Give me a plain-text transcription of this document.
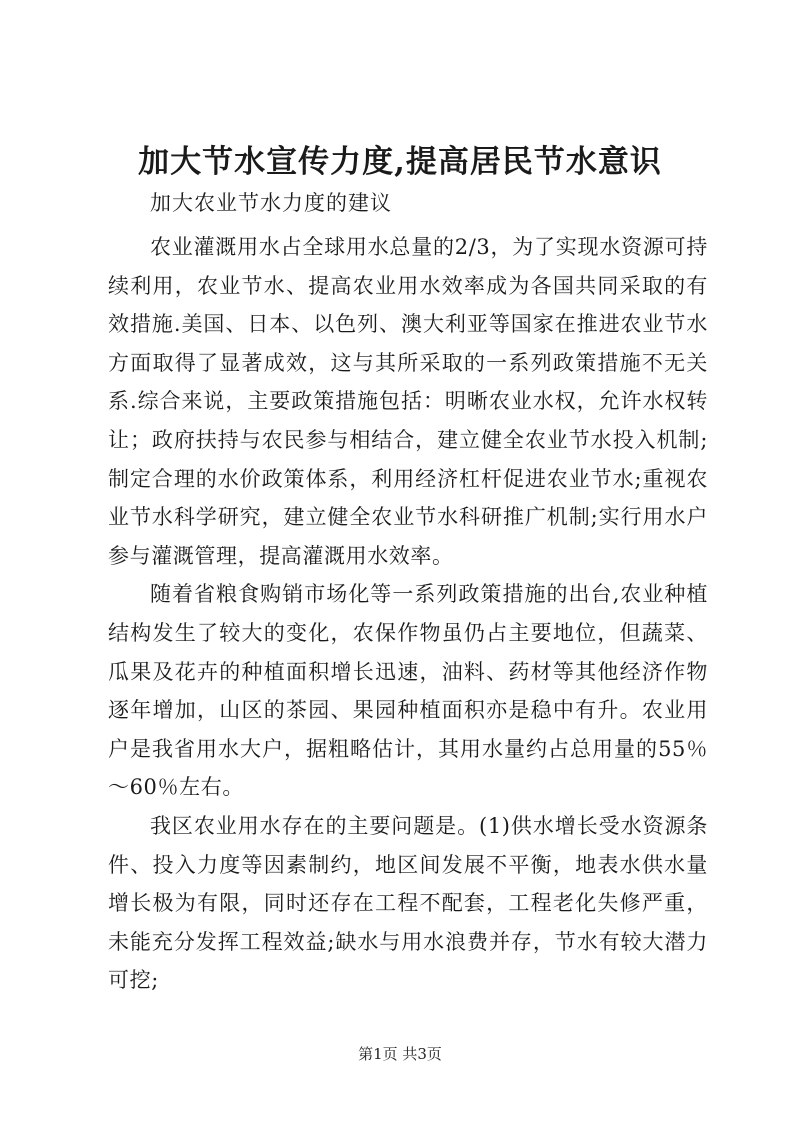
加大节水宣传力度,提高居民节水意识
加大农业节水力度的建议

农业灌溉用水占全球用水总量的2/3，为了实现水资源可持续利用，农业节水、提高农业用水效率成为各国共同采取的有效措施.美国、日本、以色列、澳大利亚等国家在推进农业节水方面取得了显著成效，这与其所采取的一系列政策措施不无关系.综合来说，主要政策措施包括：明晰农业水权，允许水权转让；政府扶持与农民参与相结合，建立健全农业节水投入机制;制定合理的水价政策体系，利用经济杠杆促进农业节水;重视农业节水科学研究，建立健全农业节水科研推广机制;实行用水户参与灌溉管理，提高灌溉用水效率。

随着省粮食购销市场化等一系列政策措施的出台,农业种植结构发生了较大的变化，农保作物虽仍占主要地位，但蔬菜、瓜果及花卉的种植面积增长迅速，油料、药材等其他经济作物逐年增加，山区的茶园、果园种植面积亦是稳中有升。农业用户是我省用水大户，据粗略估计，其用水量约占总用量的55％～60％左右。

我区农业用水存在的主要问题是。(1)供水增长受水资源条件、投入力度等因素制约，地区间发展不平衡，地表水供水量增长极为有限，同时还存在工程不配套，工程老化失修严重，未能充分发挥工程效益;缺水与用水浪费并存，节水有较大潜力可挖;

第1页 共3页
